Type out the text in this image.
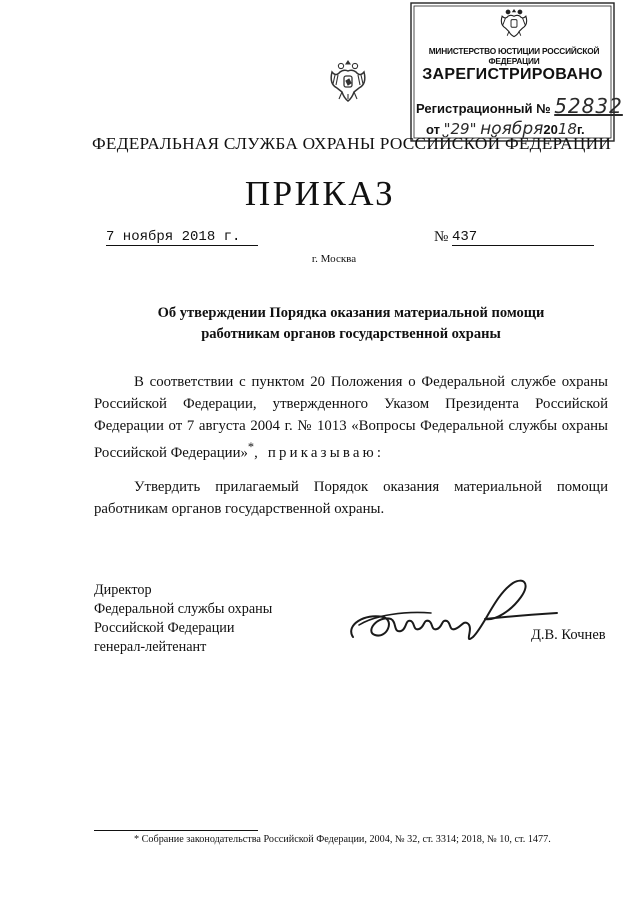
МИНИСТЕРСТВО ЮСТИЦИИ РОССИЙСКОЙ ФЕДЕРАЦИИ
ЗАРЕГИСТРИРОВАНО
Регистрационный № 52832
от "29" ноября2018г.
ФЕДЕРАЛЬНАЯ СЛУЖБА ОХРАНЫ РОССИЙСКОЙ ФЕДЕРАЦИИ
ПРИКАЗ
7 ноября 2018 г.	№ 437
г. Москва
Об утверждении Порядка оказания материальной помощи
работникам органов государственной охраны
В соответствии с пунктом 20 Положения о Федеральной службе охраны Российской Федерации, утвержденного Указом Президента Российской Федерации от 7 августа 2004 г. № 1013 «Вопросы Федеральной службы охраны Российской Федерации»*, приказываю:
Утвердить прилагаемый Порядок оказания материальной помощи работникам органов государственной охраны.
Директор
Федеральной службы охраны
Российской Федерации
генерал-лейтенант
Д.В. Кочнев
* Собрание законодательства Российской Федерации, 2004, № 32, ст. 3314; 2018, № 10, ст. 1477.
